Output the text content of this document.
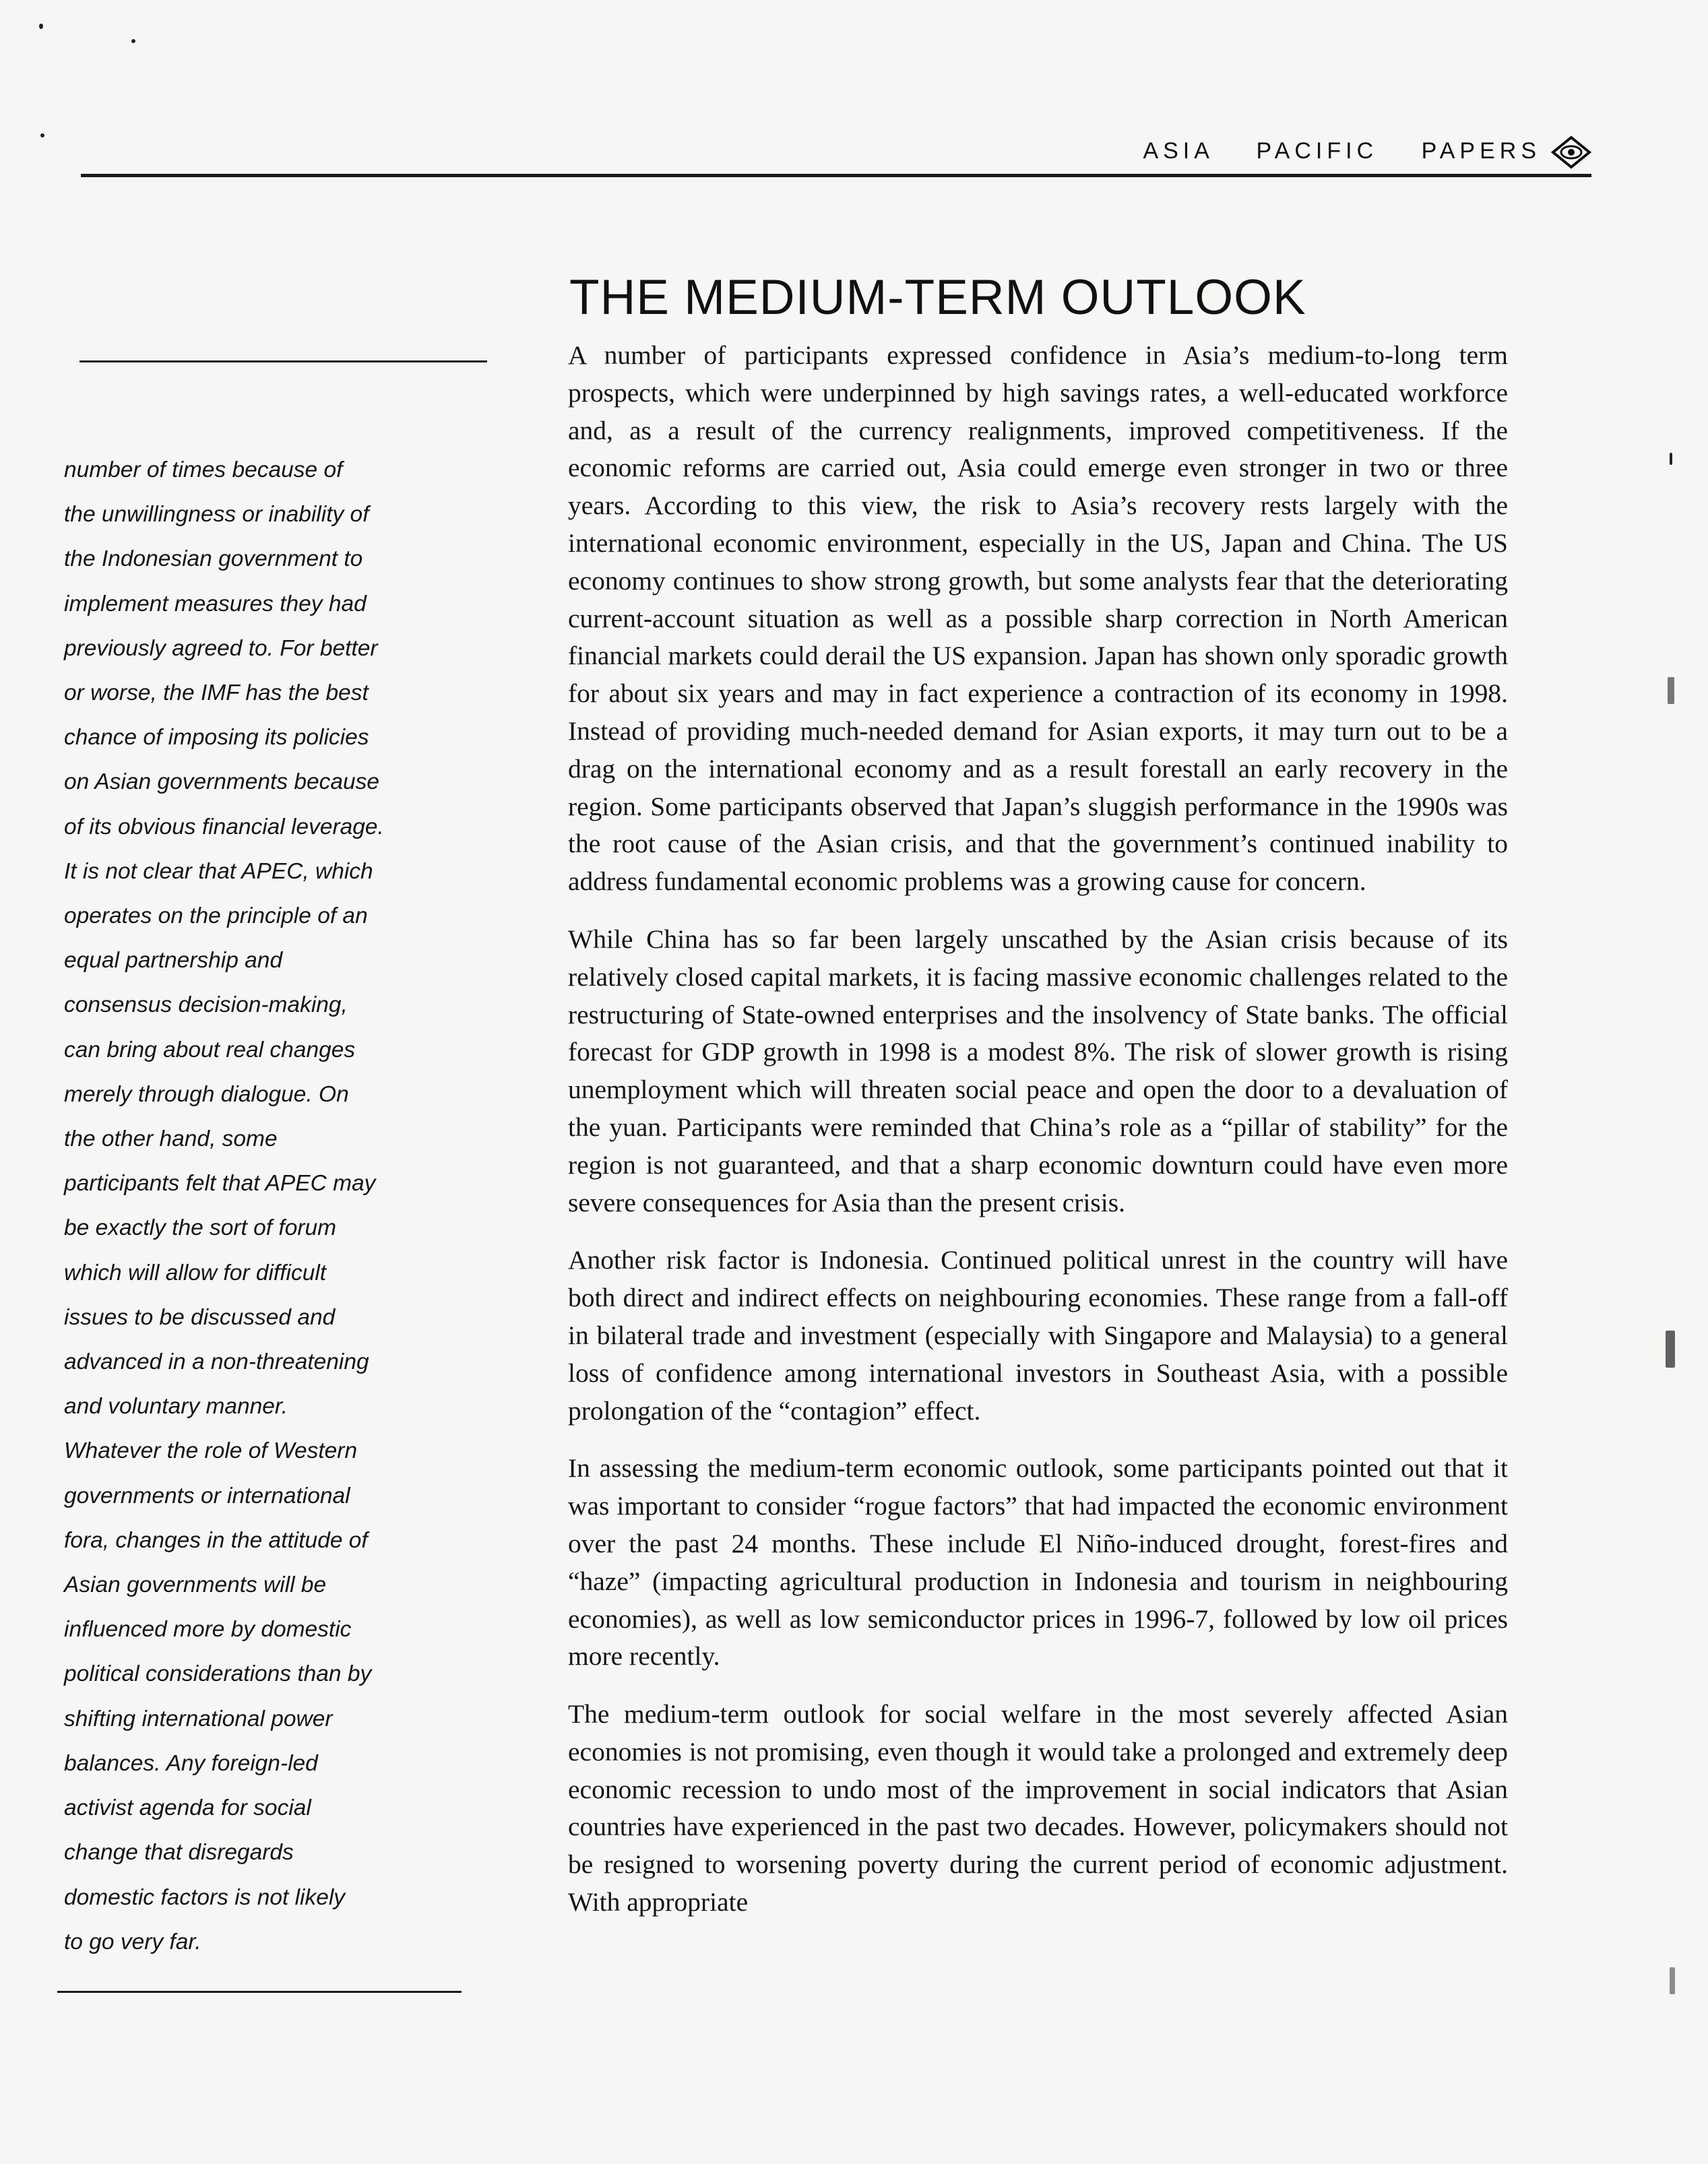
ASIA PACIFIC PAPERS
THE MEDIUM-TERM OUTLOOK

number of times because of

the unwillingness or inability of

the Indonesian government to

implement measures they had

previously agreed to. For better

or worse, the IMF has the best

chance of imposing its policies

on Asian governments because

of its obvious financial leverage.

It is not clear that APEC, which

operates on the principle of an

equal partnership and

consensus decision-making,

can bring about real changes

merely through dialogue. On

the other hand, some

participants felt that APEC may

be exactly the sort of forum

which will allow for difficult

issues to be discussed and

advanced in a non-threatening

and voluntary manner.

Whatever the role of Western

governments or international

fora, changes in the attitude of

Asian governments will be

influenced more by domestic

political considerations than by

shifting international power

balances. Any foreign-led

activist agenda for social

change that disregards

domestic factors is not likely

to go very far.

A number of participants expressed confidence in Asia’s medium-to-long term prospects, which were underpinned by high savings rates, a well-educated workforce and, as a result of the currency realignments, improved competitiveness. If the economic reforms are carried out, Asia could emerge even stronger in two or three years. According to this view, the risk to Asia’s recovery rests largely with the international economic environment, especially in the US, Japan and China. The US economy continues to show strong growth, but some analysts fear that the deteriorating current-account situation as well as a possible sharp correction in North American financial markets could derail the US expansion. Japan has shown only sporadic growth for about six years and may in fact experience a contraction of its economy in 1998. Instead of providing much-needed demand for Asian exports, it may turn out to be a drag on the international economy and as a result forestall an early recovery in the region. Some participants observed that Japan’s sluggish performance in the 1990s was the root cause of the Asian crisis, and that the government’s continued inability to address fundamental economic problems was a growing cause for concern.

While China has so far been largely unscathed by the Asian crisis because of its relatively closed capital markets, it is facing massive economic challenges related to the restructuring of State-owned enterprises and the insolvency of State banks. The official forecast for GDP growth in 1998 is a modest 8%. The risk of slower growth is rising unemployment which will threaten social peace and open the door to a devaluation of the yuan. Participants were reminded that China’s role as a “pillar of stability” for the region is not guaranteed, and that a sharp economic downturn could have even more severe consequences for Asia than the present crisis.

Another risk factor is Indonesia. Continued political unrest in the country will have both direct and indirect effects on neighbouring economies. These range from a fall-off in bilateral trade and investment (especially with Singapore and Malaysia) to a general loss of confidence among international investors in Southeast Asia, with a possible prolongation of the “contagion” effect.

In assessing the medium-term economic outlook, some participants pointed out that it was important to consider “rogue factors” that had impacted the economic environment over the past 24 months. These include El Niño-induced drought, forest-fires and “haze” (impacting agricultural production in Indonesia and tourism in neighbouring economies), as well as low semiconductor prices in 1996-7, followed by low oil prices more recently.

The medium-term outlook for social welfare in the most severely affected Asian economies is not promising, even though it would take a prolonged and extremely deep economic recession to undo most of the improvement in social indicators that Asian countries have experienced in the past two decades. However, policymakers should not be resigned to worsening poverty during the current period of economic adjustment. With appropriate
